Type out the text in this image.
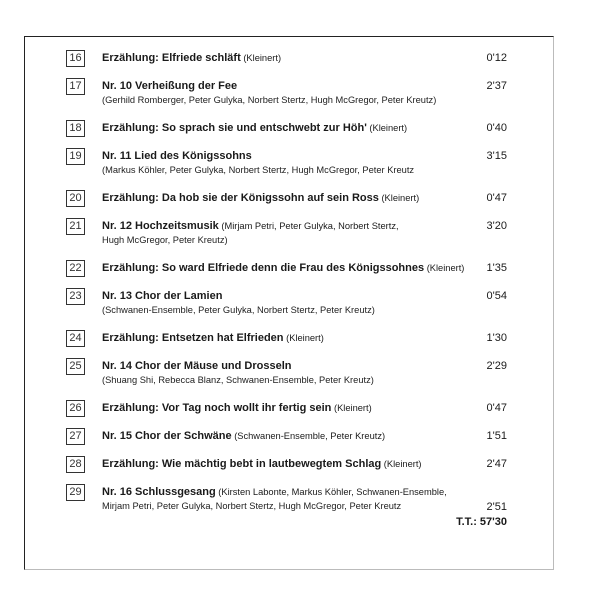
16	Erzählung: Elfriede schläft (Kleinert)	0'12
17	Nr. 10 Verheißung der Fee
(Gerhild Romberger, Peter Gulyka, Norbert Stertz, Hugh McGregor, Peter Kreutz)
2'37
18	Erzählung: So sprach sie und entschwebt zur Höh' (Kleinert)	0'40
19	Nr. 11 Lied des Königssohns
(Markus Köhler, Peter Gulyka, Norbert Stertz, Hugh McGregor, Peter Kreutz
3'15
20	Erzählung: Da hob sie der Königssohn auf sein Ross (Kleinert)	0'47
21	Nr. 12 Hochzeitsmusik (Mirjam Petri, Peter Gulyka, Norbert Stertz,
Hugh McGregor, Peter Kreutz)
3'20
22	Erzählung: So ward Elfriede denn die Frau des Königssohnes (Kleinert) 1'35
23	Nr. 13 Chor der Lamien
(Schwanen-Ensemble, Peter Gulyka, Norbert Stertz, Peter Kreutz)
0'54
24	Erzählung: Entsetzen hat Elfrieden (Kleinert)	1'30
25	Nr. 14 Chor der Mäuse und Drosseln
(Shuang Shi, Rebecca Blanz, Schwanen-Ensemble, Peter Kreutz)
2'29
26	Erzählung: Vor Tag noch wollt ihr fertig sein (Kleinert)	0'47
27	Nr. 15 Chor der Schwäne (Schwanen-Ensemble, Peter Kreutz)	1'51
28	Erzählung: Wie mächtig bebt in lautbewegtem Schlag (Kleinert)	2'47
29	Nr. 16 Schlussgesang (Kirsten Labonte, Markus Köhler, Schwanen-Ensemble,
Mirjam Petri, Peter Gulyka, Norbert Stertz, Hugh McGregor, Peter Kreutz	2'51
T.T.: 57'30
